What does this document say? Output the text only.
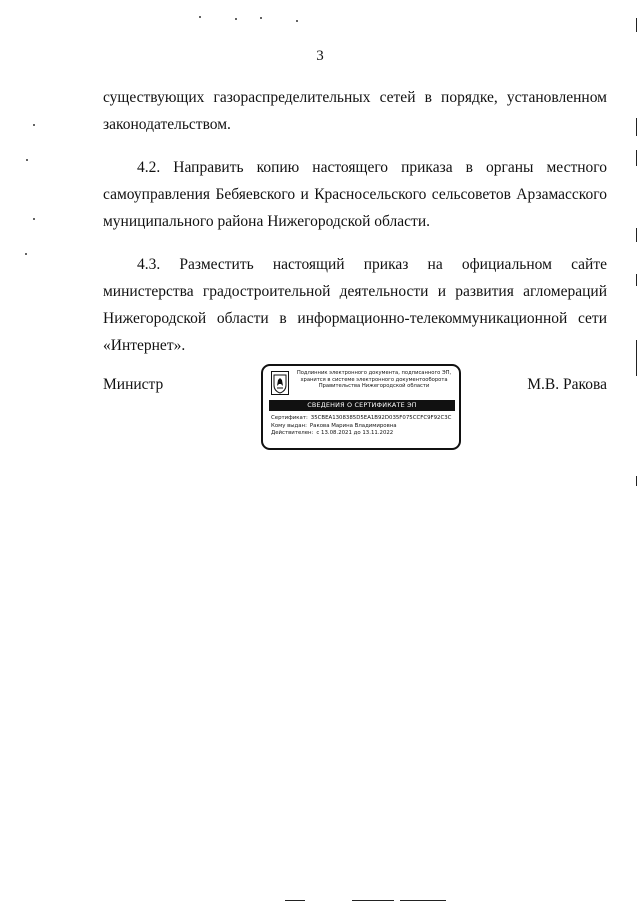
3

существующих газораспределительных сетей в порядке, установленном законодательством.

4.2. Направить копию настоящего приказа в органы местного самоуправления Бебяевского и Красносельского сельсоветов Арзамасского муниципального района Нижегородской области.

4.3. Разместить настоящий приказ на официальном сайте министерства градостроительной деятельности и развития агломераций Нижегородской области в информационно-телекоммуникационной сети «Интернет».

Министр
Подлинник электронного документа, подписанного ЭП, хранится в системе электронного документооборота Правительства Нижегородской области
СВЕДЕНИЯ О СЕРТИФИКАТЕ ЭП
Сертификат: 35CBEA1308385D5EA1B92D035F075CCFC9F92C3C
Кому выдан: Ракова Марина Владимировна
Действителен: с 13.08.2021 до 13.11.2022
М.В. Ракова
